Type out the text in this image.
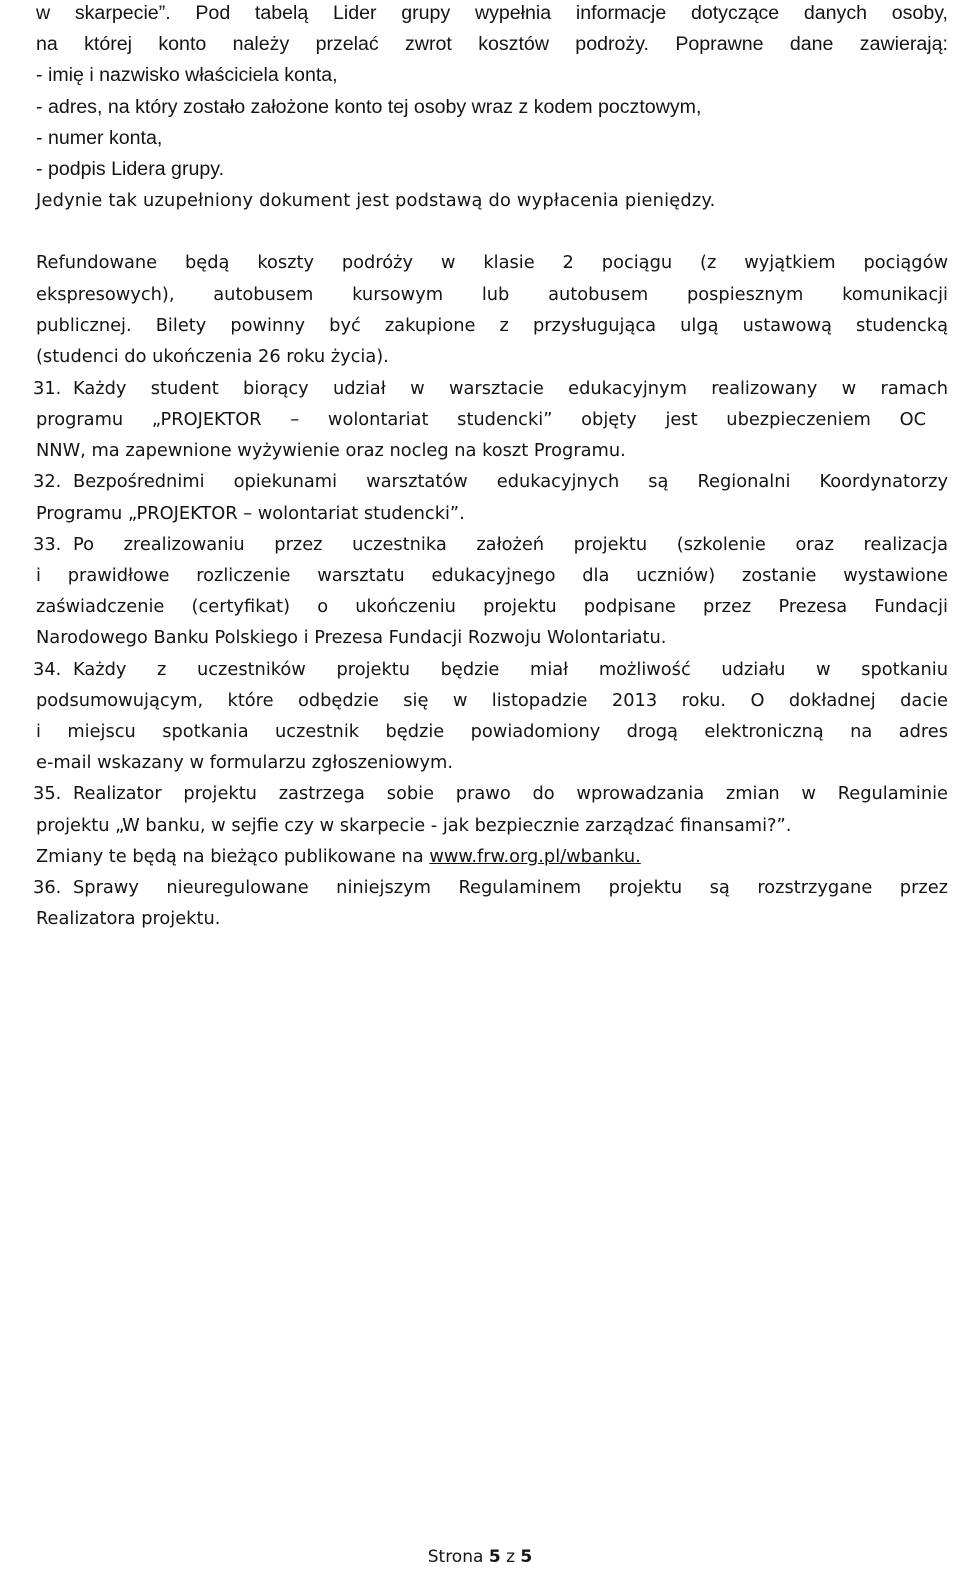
w skarpecie”. Pod tabelą Lider grupy wypełnia informacje dotyczące danych osoby,
na której konto należy przelać zwrot kosztów podroży. Poprawne dane zawierają:
- imię i nazwisko właściciela konta,
- adres, na który zostało założone konto tej osoby wraz z kodem pocztowym,
- numer konta,
- podpis Lidera grupy.
Jedynie tak uzupełniony dokument jest podstawą do wypłacenia pieniędzy.
Refundowane będą koszty podróży w klasie 2 pociągu (z wyjątkiem pociągów
ekspresowych), autobusem kursowym lub autobusem pospiesznym komunikacji
publicznej. Bilety powinny być zakupione z przysługująca ulgą ustawową studencką
(studenci do ukończenia 26 roku życia).
31. Każdy student biorący udział w warsztacie edukacyjnym realizowany w ramach
programu „PROJEKTOR – wolontariat studencki” objęty jest ubezpieczeniem OC
NNW, ma zapewnione wyżywienie oraz nocleg na koszt Programu.
32. Bezpośrednimi opiekunami warsztatów edukacyjnych są Regionalni Koordynatorzy
Programu „PROJEKTOR – wolontariat studencki”.
33. Po zrealizowaniu przez uczestnika założeń projektu (szkolenie oraz realizacja
i prawidłowe rozliczenie warsztatu edukacyjnego dla uczniów) zostanie wystawione
zaświadczenie (certyfikat) o ukończeniu projektu podpisane przez Prezesa Fundacji
Narodowego Banku Polskiego i Prezesa Fundacji Rozwoju Wolontariatu.
34. Każdy z uczestników projektu będzie miał możliwość udziału w spotkaniu
podsumowującym, które odbędzie się w listopadzie 2013 roku. O dokładnej dacie
i miejscu spotkania uczestnik będzie powiadomiony drogą elektroniczną na adres
e-mail wskazany w formularzu zgłoszeniowym.
35. Realizator projektu zastrzega sobie prawo do wprowadzania zmian w Regulaminie
projektu „W banku, w sejfie czy w skarpecie - jak bezpiecznie zarządzać finansami?”.
Zmiany te będą na bieżąco publikowane na www.frw.org.pl/wbanku.
36. Sprawy nieuregulowane niniejszym Regulaminem projektu są rozstrzygane przez
Realizatora projektu.
Strona 5 z 5
